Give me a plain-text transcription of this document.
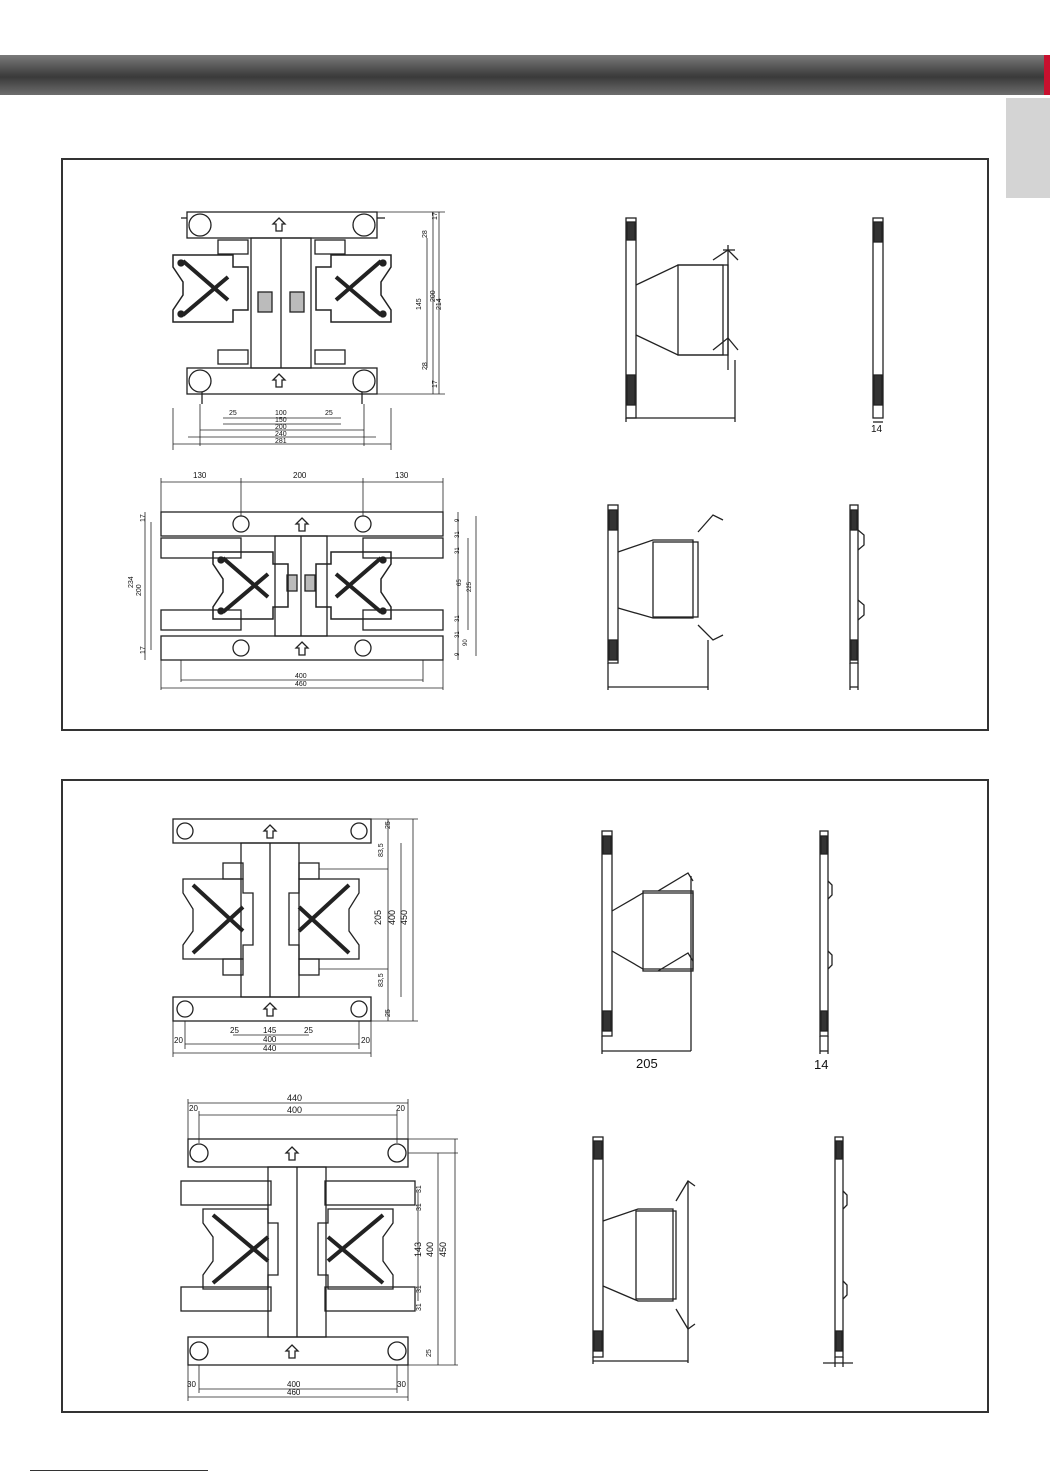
17
28
145
200
214
28
17
25	100	25
150
200
240
281
14
130	200	130
17
234
200
17
9
31
31
65 225
31
31
90
9
400
460
25
83,5
205 400 450
83,5
25
25	145	25
20	400	20
440
205	14
440
20	400	20
31
31
143 400 450
31
31
25
30	400	30
460
